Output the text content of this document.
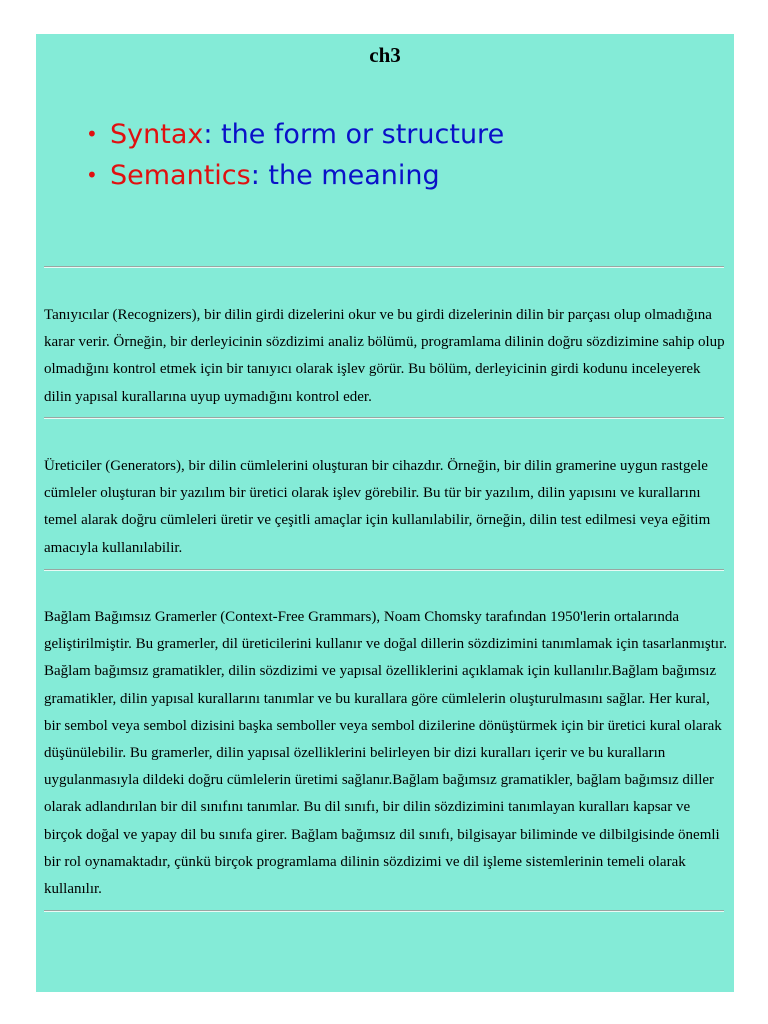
ch3
• Syntax: the form or structure
• Semantics: the meaning

Tanıyıcılar (Recognizers), bir dilin girdi dizelerini okur ve bu girdi dizelerinin dilin bir parçası olup olmadığına karar verir. Örneğin, bir derleyicinin sözdizimi analiz bölümü, programlama dilinin doğru sözdizimine sahip olup olmadığını kontrol etmek için bir tanıyıcı olarak işlev görür. Bu bölüm, derleyicinin girdi kodunu inceleyerek dilin yapısal kurallarına uyup uymadığını kontrol eder.

Üreticiler (Generators), bir dilin cümlelerini oluşturan bir cihazdır. Örneğin, bir dilin gramerine uygun rastgele cümleler oluşturan bir yazılım bir üretici olarak işlev görebilir. Bu tür bir yazılım, dilin yapısını ve kurallarını temel alarak doğru cümleleri üretir ve çeşitli amaçlar için kullanılabilir, örneğin, dilin test edilmesi veya eğitim amacıyla kullanılabilir.

Bağlam Bağımsız Gramerler (Context-Free Grammars), Noam Chomsky tarafından 1950'lerin ortalarında geliştirilmiştir. Bu gramerler, dil üreticilerini kullanır ve doğal dillerin sözdizimini tanımlamak için tasarlanmıştır. Bağlam bağımsız gramatikler, dilin sözdizimi ve yapısal özelliklerini açıklamak için kullanılır.Bağlam bağımsız gramatikler, dilin yapısal kurallarını tanımlar ve bu kurallara göre cümlelerin oluşturulmasını sağlar. Her kural, bir sembol veya sembol dizisini başka semboller veya sembol dizilerine dönüştürmek için bir üretici kural olarak düşünülebilir. Bu gramerler, dilin yapısal özelliklerini belirleyen bir dizi kuralları içerir ve bu kuralların uygulanmasıyla dildeki doğru cümlelerin üretimi sağlanır.Bağlam bağımsız gramatikler, bağlam bağımsız diller olarak adlandırılan bir dil sınıfını tanımlar. Bu dil sınıfı, bir dilin sözdizimini tanımlayan kuralları kapsar ve birçok doğal ve yapay dil bu sınıfa girer. Bağlam bağımsız dil sınıfı, bilgisayar biliminde ve dilbilgisinde önemli bir rol oynamaktadır, çünkü birçok programlama dilinin sözdizimi ve dil işleme sistemlerinin temeli olarak kullanılır.
